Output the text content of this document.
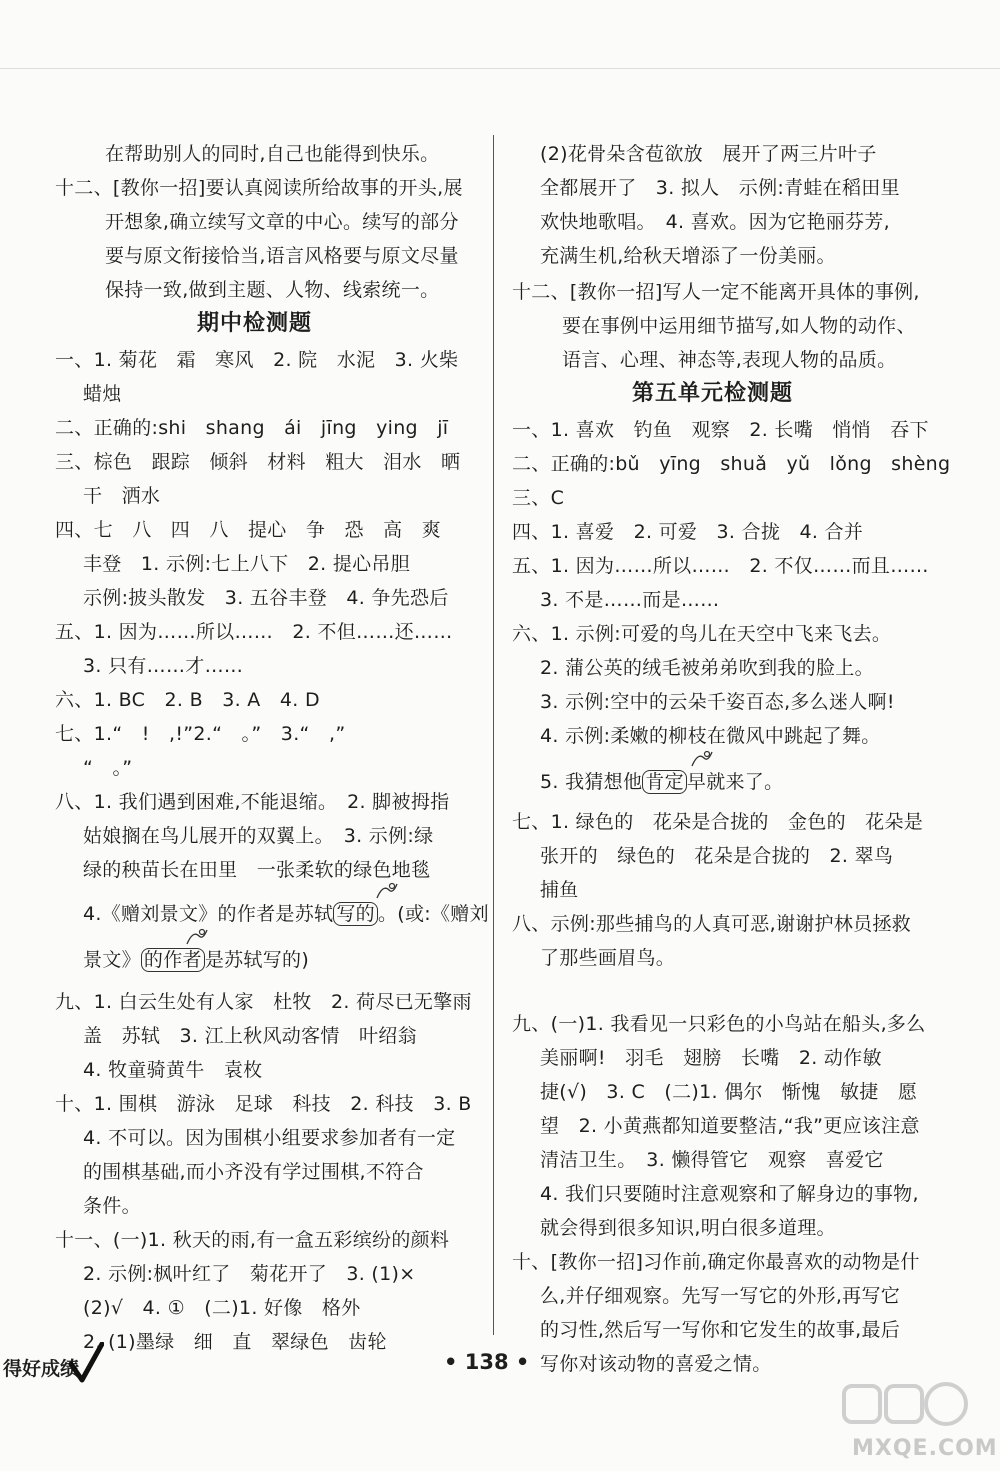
在帮助别人的同时,自己也能得到快乐。
十二、[教你一招]要认真阅读所给故事的开头,展
开想象,确立续写文章的中心。续写的部分
要与原文衔接恰当,语言风格要与原文尽量
保持一致,做到主题、人物、线索统一。
期中检测题
一、1. 菊花　霜　寒风　2. 院　水泥　3. 火柴
蜡烛
二、正确的:shi　shang　ái　jīng　ying　jī
三、棕色　跟踪　倾斜　材料　粗大　泪水　晒
干　洒水
四、七　八　四　八　提心　争　恐　高　爽
丰登　1. 示例:七上八下　2. 提心吊胆
示例:披头散发　3. 五谷丰登　4. 争先恐后
五、1. 因为……所以……　2. 不但……还……
3. 只有……才……
六、1. BC　2. B　3. A　4. D
七、1.“　!　,!”2.“　。”　3.“　,”
“　。”
八、1. 我们遇到困难,不能退缩。　2. 脚被拇指
姑娘搁在鸟儿展开的双翼上。　3. 示例:绿
绿的秧苗长在田里　一张柔软的绿色地毯
4.《赠刘景文》的作者是苏轼 写的 。(或:《赠刘
景文》 的作者 是苏轼写的)
九、1. 白云生处有人家　杜牧　2. 荷尽已无擎雨
盖　苏轼　3. 江上秋风动客情　叶绍翁
4. 牧童骑黄牛　袁枚
十、1. 围棋　游泳　足球　科技　2. 科技　3. B
4. 不可以。因为围棋小组要求参加者有一定
的围棋基础,而小齐没有学过围棋,不符合
条件。
十一、(一)1. 秋天的雨,有一盒五彩缤纷的颜料
2. 示例:枫叶红了　菊花开了　3. (1)×
(2)√　4. ①　(二)1. 好像　格外
2. (1)墨绿　细　直　翠绿色　齿轮
(2)花骨朵含苞欲放　展开了两三片叶子
全都展开了　3. 拟人　示例:青蛙在稻田里
欢快地歌唱。　4. 喜欢。因为它艳丽芬芳,
充满生机,给秋天增添了一份美丽。
十二、[教你一招]写人一定不能离开具体的事例,
要在事例中运用细节描写,如人物的动作、
语言、心理、神态等,表现人物的品质。
第五单元检测题
一、1. 喜欢　钓鱼　观察　2. 长嘴　悄悄　吞下
二、正确的:bǔ　yīng　shuǎ　yǔ　lǒng　shèng
三、C
四、1. 喜爱　2. 可爱　3. 合拢　4. 合并
五、1. 因为……所以……　2. 不仅……而且……
3. 不是……而是……
六、1. 示例:可爱的鸟儿在天空中飞来飞去。
2. 蒲公英的绒毛被弟弟吹到我的脸上。
3. 示例:空中的云朵千姿百态,多么迷人啊!
4. 示例:柔嫩的柳枝在微风中跳起了舞。
5. 我猜想他 肯定 早就来了。
七、1. 绿色的　花朵是合拢的　金色的　花朵是
张开的　绿色的　花朵是合拢的　2. 翠鸟
捕鱼
八、示例:那些捕鸟的人真可恶,谢谢护林员拯救
了那些画眉鸟。
九、(一)1. 我看见一只彩色的小鸟站在船头,多么
美丽啊!　羽毛　翅膀　长嘴　2. 动作敏
捷(√)　3. C　(二)1. 偶尔　惭愧　敏捷　愿
望　2. 小黄燕都知道要整洁,“我”更应该注意
清洁卫生。　3. 懒得管它　观察　喜爱它
4. 我们只要随时注意观察和了解身边的事物,
就会得到很多知识,明白很多道理。
十、[教你一招]习作前,确定你最喜欢的动物是什
么,并仔细观察。先写一写它的外形,再写它
的习性,然后写一写你和它发生的故事,最后
写你对该动物的喜爱之情。
得好成绩	• 138 •
MXQE.COM
